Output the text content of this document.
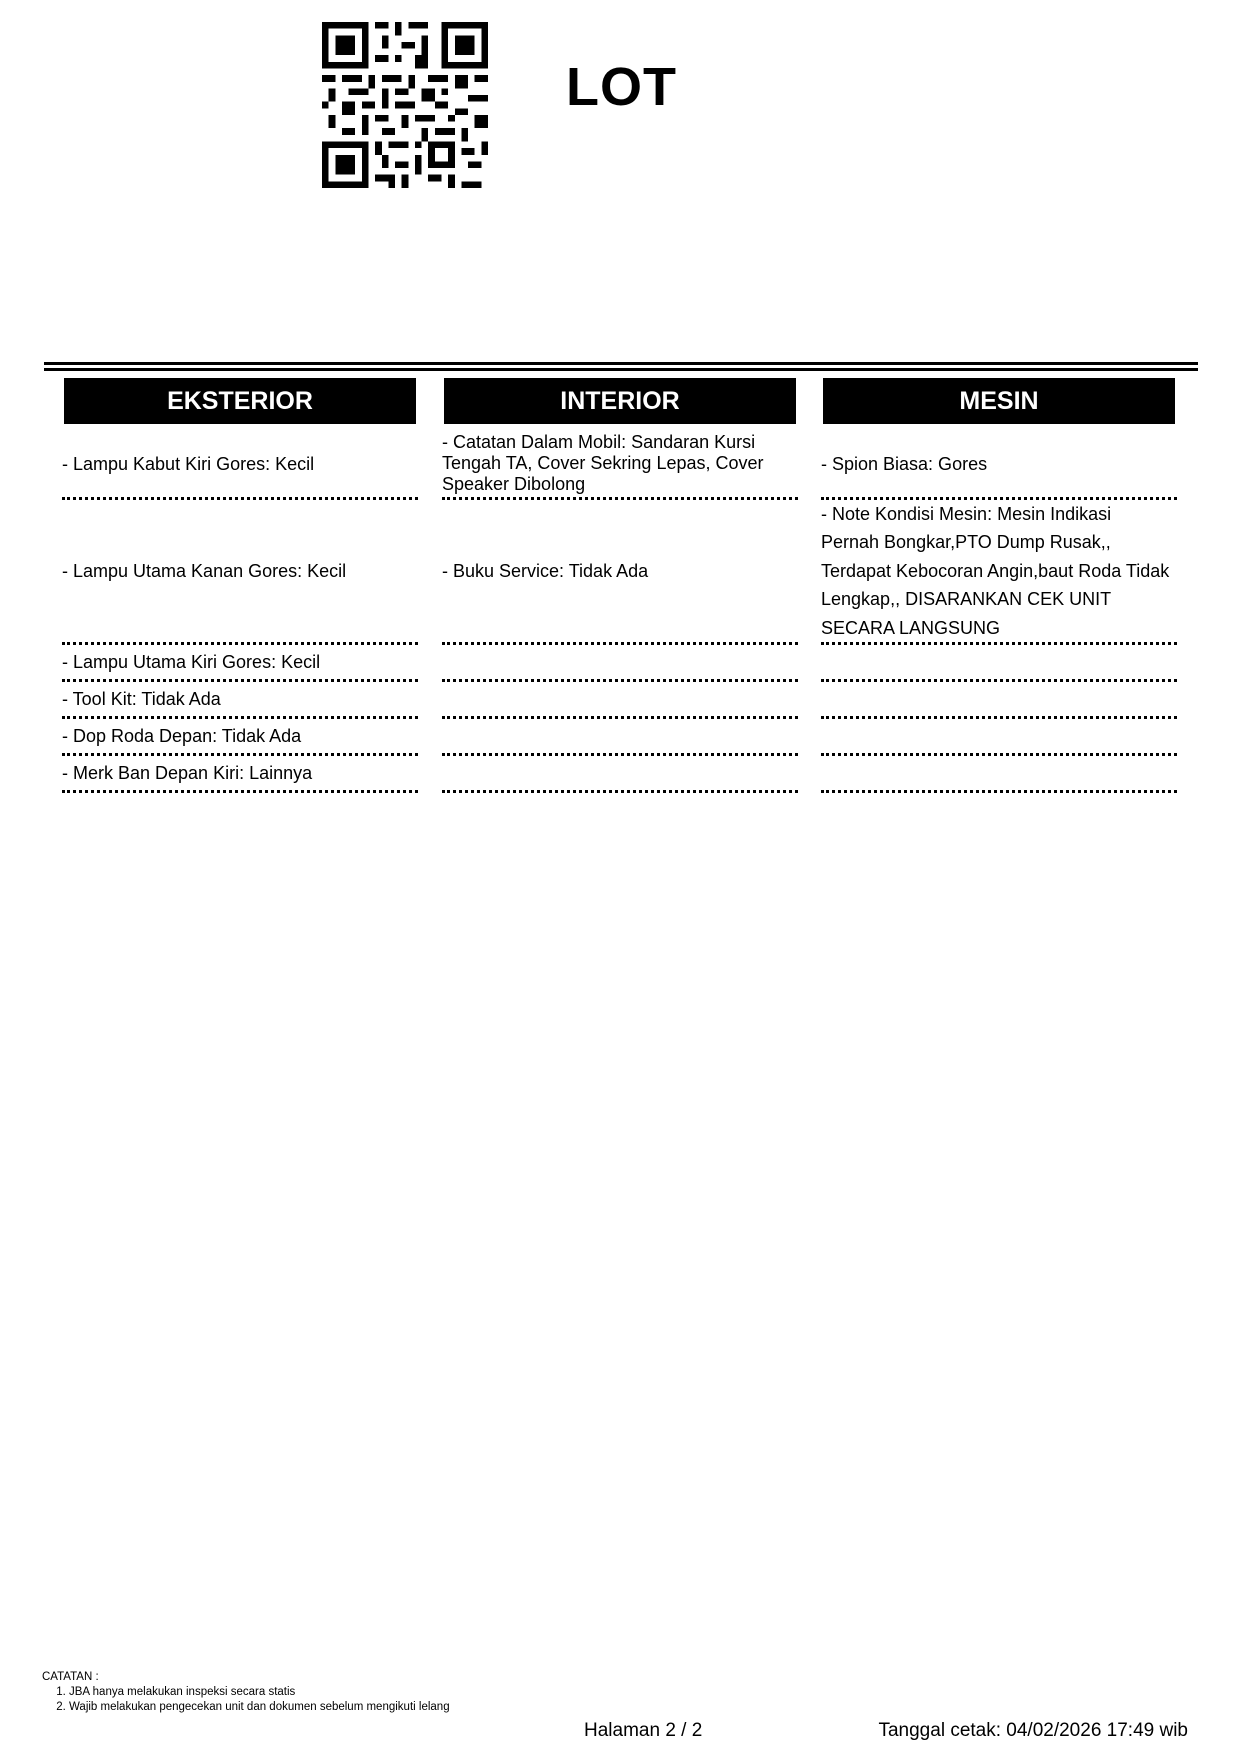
LOT
EKSTERIOR
- Lampu Kabut Kiri Gores: Kecil
- Lampu Utama Kanan Gores: Kecil
- Lampu Utama Kiri Gores: Kecil
- Tool Kit: Tidak Ada
- Dop Roda Depan: Tidak Ada
- Merk Ban Depan Kiri: Lainnya
INTERIOR
- Catatan Dalam Mobil: Sandaran Kursi Tengah TA, Cover Sekring Lepas, Cover Speaker Dibolong
- Buku Service: Tidak Ada
MESIN
- Spion Biasa: Gores
- Note Kondisi Mesin: Mesin Indikasi Pernah Bongkar,PTO Dump Rusak,, Terdapat Kebocoran Angin,baut Roda Tidak Lengkap,, DISARANKAN CEK UNIT SECARA LANGSUNG
CATATAN :
1. JBA hanya melakukan inspeksi secara statis
2. Wajib melakukan pengecekan unit dan dokumen sebelum mengikuti lelang
Halaman 2 / 2	Tanggal cetak: 04/02/2026 17:49 wib
